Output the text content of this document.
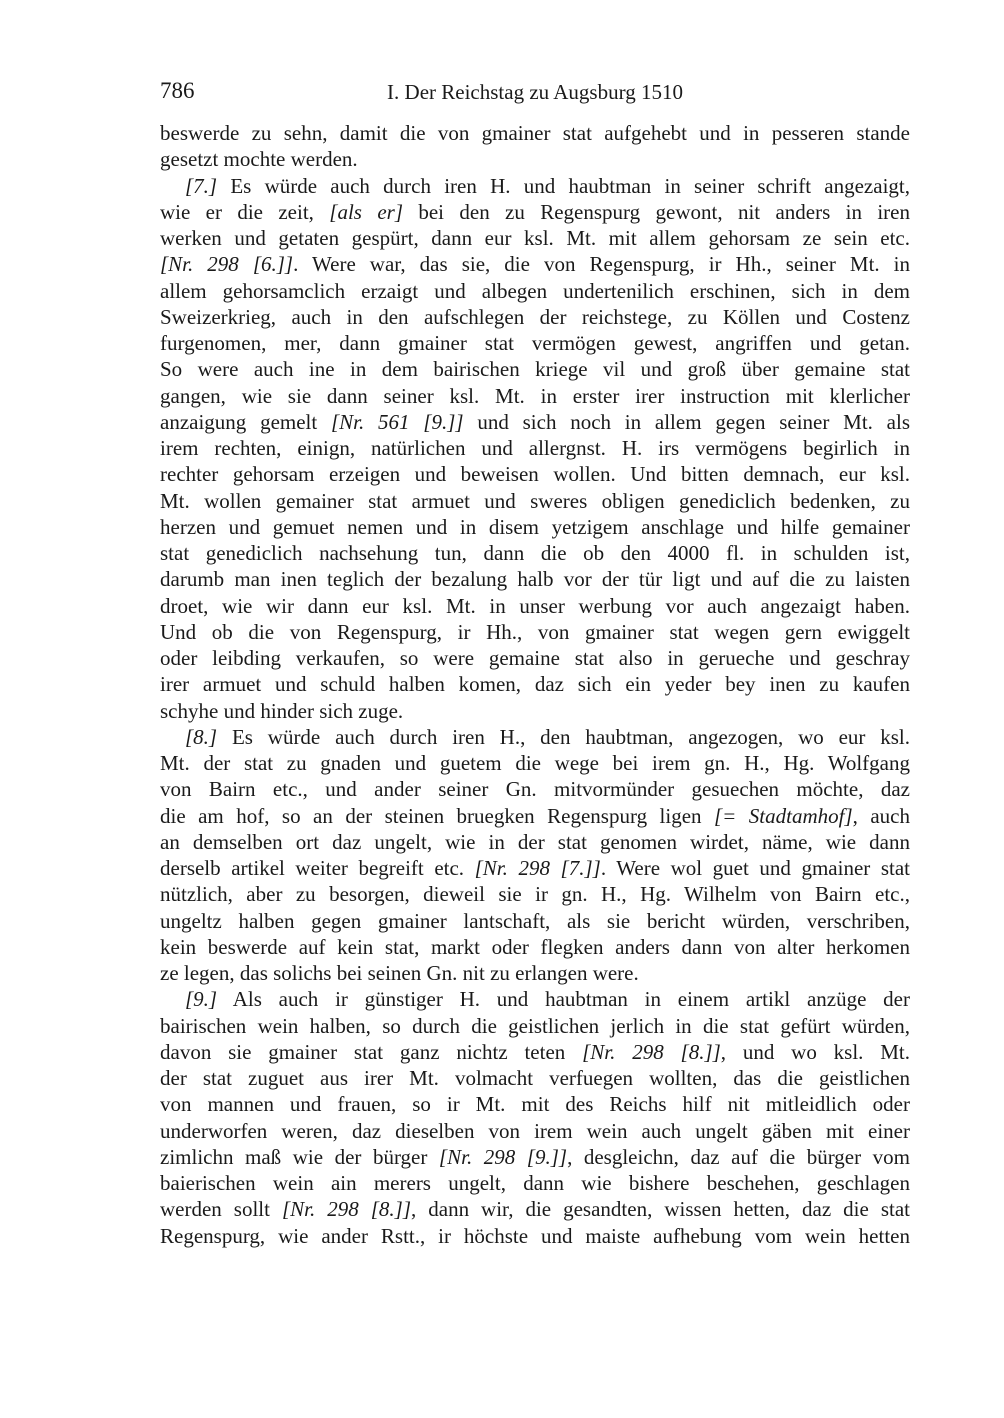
786	I. Der Reichstag zu Augsburg 1510
beswerde zu sehn, damit die von gmainer stat aufgehebt und in pesseren stande
gesetzt mochte werden.
[7.] Es würde auch durch iren H. und haubtman in seiner schrift angezaigt,
wie er die zeit, [als er] bei den zu Regenspurg gewont, nit anders in iren
werken und getaten gespürt, dann eur ksl. Mt. mit allem gehorsam ze sein etc.
[Nr. 298 [6.]]. Were war, das sie, die von Regenspurg, ir Hh., seiner Mt. in
allem gehorsamclich erzaigt und albegen undertenilich erschinen, sich in dem
Sweizerkrieg, auch in den aufschlegen der reichstege, zu Köllen und Costenz
furgenomen, mer, dann gmainer stat vermögen gewest, angriffen und getan.
So were auch ine in dem bairischen kriege vil und groß über gemaine stat
gangen, wie sie dann seiner ksl. Mt. in erster irer instruction mit klerlicher
anzaigung gemelt [Nr. 561 [9.]] und sich noch in allem gegen seiner Mt. als
irem rechten, einign, natürlichen und allergnst. H. irs vermögens begirlich in
rechter gehorsam erzeigen und beweisen wollen. Und bitten demnach, eur ksl.
Mt. wollen gemainer stat armuet und sweres obligen genediclich bedenken, zu
herzen und gemuet nemen und in disem yetzigem anschlage und hilfe gemainer
stat genediclich nachsehung tun, dann die ob den 4000 fl. in schulden ist,
darumb man inen teglich der bezalung halb vor der tür ligt und auf die zu laisten
droet, wie wir dann eur ksl. Mt. in unser werbung vor auch angezaigt haben.
Und ob die von Regenspurg, ir Hh., von gmainer stat wegen gern ewiggelt
oder leibding verkaufen, so were gemaine stat also in gerueche und geschray
irer armuet und schuld halben komen, daz sich ein yeder bey inen zu kaufen
schyhe und hinder sich zuge.
[8.] Es würde auch durch iren H., den haubtman, angezogen, wo eur ksl.
Mt. der stat zu gnaden und guetem die wege bei irem gn. H., Hg. Wolfgang
von Bairn etc., und ander seiner Gn. mitvormünder gesuechen möchte, daz
die am hof, so an der steinen bruegken Regenspurg ligen [= Stadtamhof], auch
an demselben ort daz ungelt, wie in der stat genomen wirdet, näme, wie dann
derselb artikel weiter begreift etc. [Nr. 298 [7.]]. Were wol guet und gmainer stat
nützlich, aber zu besorgen, dieweil sie ir gn. H., Hg. Wilhelm von Bairn etc.,
ungeltz halben gegen gmainer lantschaft, als sie bericht würden, verschriben,
kein beswerde auf kein stat, markt oder flegken anders dann von alter herkomen
ze legen, das solichs bei seinen Gn. nit zu erlangen were.
[9.] Als auch ir günstiger H. und haubtman in einem artikl anzüge der
bairischen wein halben, so durch die geistlichen jerlich in die stat gefürt würden,
davon sie gmainer stat ganz nichtz teten [Nr. 298 [8.]], und wo ksl. Mt.
der stat zuguet aus irer Mt. volmacht verfuegen wollten, das die geistlichen
von mannen und frauen, so ir Mt. mit des Reichs hilf nit mitleidlich oder
underworfen weren, daz dieselben von irem wein auch ungelt gäben mit einer
zimlichn maß wie der bürger [Nr. 298 [9.]], desgleichn, daz auf die bürger vom
baierischen wein ain merers ungelt, dann wie bishere beschehen, geschlagen
werden sollt [Nr. 298 [8.]], dann wir, die gesandten, wissen hetten, daz die stat
Regenspurg, wie ander Rstt., ir höchste und maiste aufhebung vom wein hetten
